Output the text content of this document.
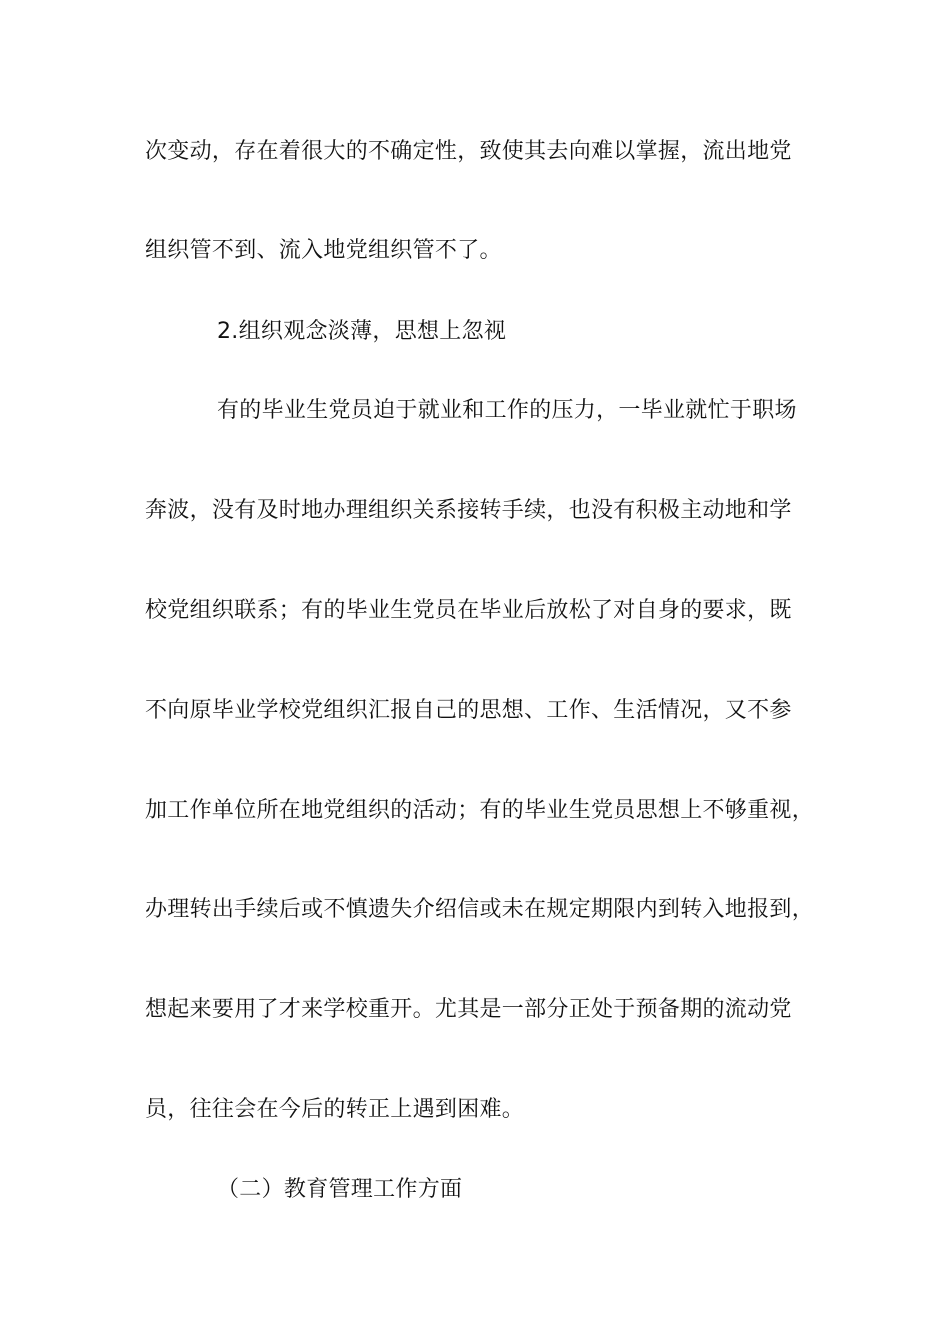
次变动，存在着很大的不确定性，致使其去向难以掌握，流出地党
组织管不到、流入地党组织管不了。
2.组织观念淡薄，思想上忽视
有的毕业生党员迫于就业和工作的压力，一毕业就忙于职场
奔波，没有及时地办理组织关系接转手续，也没有积极主动地和学
校党组织联系；有的毕业生党员在毕业后放松了对自身的要求，既
不向原毕业学校党组织汇报自己的思想、工作、生活情况，又不参
加工作单位所在地党组织的活动；有的毕业生党员思想上不够重视，
办理转出手续后或不慎遗失介绍信或未在规定期限内到转入地报到，
想起来要用了才来学校重开。尤其是一部分正处于预备期的流动党
员，往往会在今后的转正上遇到困难。
（二）教育管理工作方面
